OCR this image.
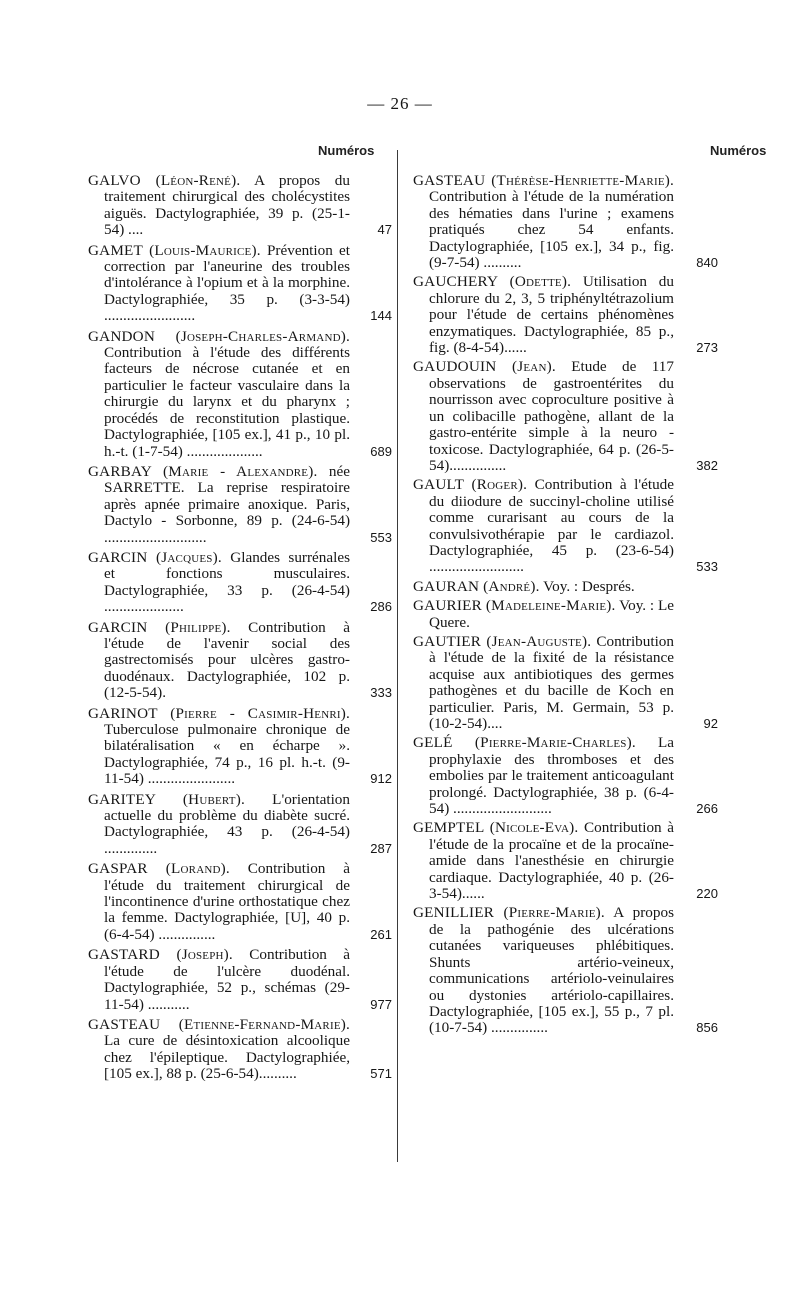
— 26 —
Numéros	Numéros
GALVO (Léon-René). A propos du traitement chirurgical des cholécystites aiguës. Dactylographiée, 39 p. (25-1-54) ....	47
GAMET (Louis-Maurice). Prévention et correction par l'aneurine des troubles d'intolérance à l'opium et à la morphine. Dactylographiée, 35 p. (3-3-54) ........................	144
GANDON (Joseph-Charles-Armand). Contribution à l'étude des différents facteurs de nécrose cutanée et en particulier le facteur vasculaire dans la chirurgie du larynx et du pharynx ; procédés de reconstitution plastique. Dactylographiée, [105 ex.], 41 p., 10 pl. h.-t. (1-7-54) ....................	689
GARBAY (Marie - Alexandre). née SARRETTE. La reprise respiratoire après apnée primaire anoxique. Paris, Dactylo - Sorbonne, 89 p. (24-6-54) ...........................	553
GARCIN (Jacques). Glandes surrénales et fonctions musculaires. Dactylographiée, 33 p. (26-4-54) .....................	286
GARCIN (Philippe). Contribution à l'étude de l'avenir social des gastrectomisés pour ulcères gastro-duodénaux. Dactylographiée, 102 p. (12-5-54).	333
GARINOT (Pierre - Casimir-Henri). Tuberculose pulmonaire chronique de bilatéralisation « en écharpe ». Dactylographiée, 74 p., 16 pl. h.-t. (9-11-54) .......................	912
GARITEY (Hubert). L'orientation actuelle du problème du diabète sucré. Dactylographiée, 43 p. (26-4-54) ..............	287
GASPAR (Lorand). Contribution à l'étude du traitement chirurgical de l'incontinence d'urine orthostatique chez la femme. Dactylographiée, [U], 40 p. (6-4-54) ...............	261
GASTARD (Joseph). Contribution à l'étude de l'ulcère duodénal. Dactylographiée, 52 p., schémas (29-11-54) ...........	977
GASTEAU (Etienne-Fernand-Marie). La cure de désintoxication alcoolique chez l'épileptique. Dactylographiée, [105 ex.], 88 p. (25-6-54)..........	571
GASTEAU (Thérèse-Henriette-Marie). Contribution à l'étude de la numération des hématies dans l'urine ; examens pratiqués chez 54 enfants. Dactylographiée, [105 ex.], 34 p., fig. (9-7-54) ..........	840
GAUCHERY (Odette). Utilisation du chlorure du 2, 3, 5 triphényltétrazolium pour l'étude de certains phénomènes enzymatiques. Dactylographiée, 85 p., fig. (8-4-54)......	273
GAUDOUIN (Jean). Etude de 117 observations de gastroentérites du nourrisson avec coproculture positive à un colibacille pathogène, allant de la gastro-entérite simple à la neuro - toxicose. Dactylographiée, 64 p. (26-5-54)...............	382
GAULT (Roger). Contribution à l'étude du diiodure de succinyl-choline utilisé comme curarisant au cours de la convulsivothérapie par le cardiazol. Dactylographiée, 45 p. (23-6-54) .........................	533
GAURAN (André). Voy. : Després.
GAURIER (Madeleine-Marie). Voy. : Le Quere.
GAUTIER (Jean-Auguste). Contribution à l'étude de la fixité de la résistance acquise aux antibiotiques des germes pathogènes et du bacille de Koch en particulier. Paris, M. Germain, 53 p. (10-2-54)....	92
GELÉ (Pierre-Marie-Charles). La prophylaxie des thromboses et des embolies par le traitement anticoagulant prolongé. Dactylographiée, 38 p. (6-4-54) ..........................	266
GEMPTEL (Nicole-Eva). Contribution à l'étude de la procaïne et de la procaïne-amide dans l'anesthésie en chirurgie cardiaque. Dactylographiée, 40 p. (26-3-54)......	220
GENILLIER (Pierre-Marie). A propos de la pathogénie des ulcérations cutanées variqueuses phlébitiques. Shunts artério-veineux, communications artériolo-veinulaires ou dystonies artériolo-capillaires. Dactylographiée, [105 ex.], 55 p., 7 pl. (10-7-54) ...............	856
